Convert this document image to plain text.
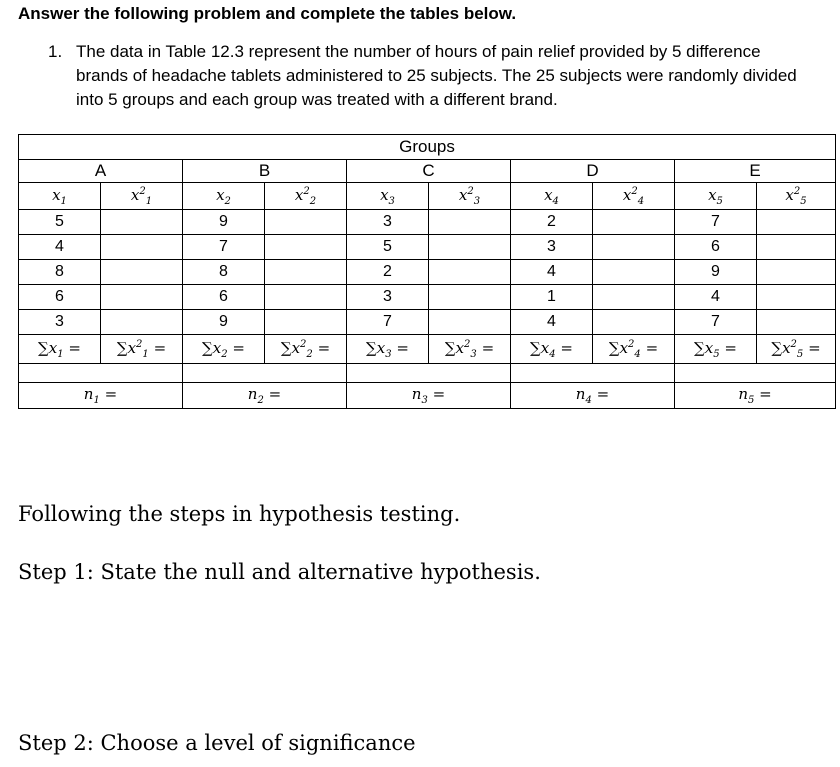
Answer the following problem and complete the tables below.
1. The data in Table 12.3 represent the number of hours of pain relief provided by 5 difference brands of headache tablets administered to 25 subjects. The 25 subjects were randomly divided into 5 groups and each group was treated with a different brand.
Groups									
A		B		C		D		E	
$x_1$	$x^2_1$	$x_2$	$x^2_2$	$x_3$	$x^2_3$	$x_4$	$x^2_4$	$x_5$	$x^2_5$
5		9		3		2		7	
4		7		5		3		6	
8		8		2		4		9	
6		6		3		1		4	
3		9		7		4		7	
$\sum x_1$ =	$\sum x^2_1$ =	$\sum x_2$ =	$\sum x^2_2$ =	$\sum x_3$ =	$\sum x^2_3$ =	$\sum x_4$ =	$\sum x^2_4$ =	$\sum x_5$ =	$\sum x^2_5$ =

$n_1$ =		$n_2$ =		$n_3$ =		$n_4$ =		$n_5$ =	
Following the steps in hypothesis testing.
Step 1: State the null and alternative hypothesis.
Step 2: Choose a level of significance
